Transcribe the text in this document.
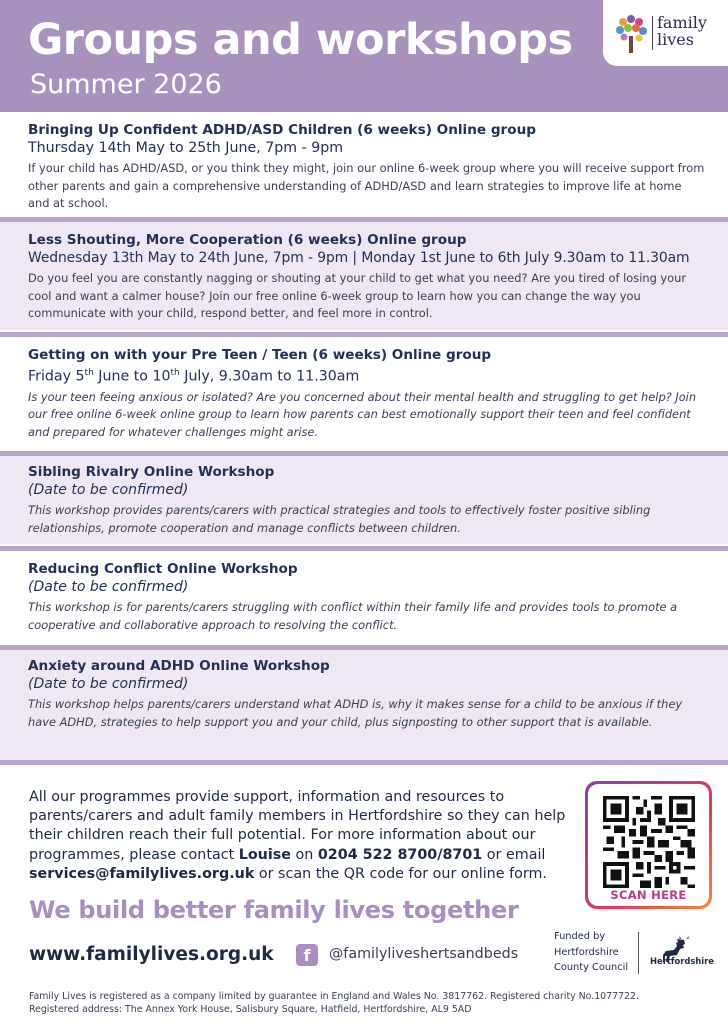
Groups and workshops
Summer 2026
family
lives
Bringing Up Confident ADHD/ASD Children (6 weeks) Online group
Thursday 14th May to 25th June, 7pm - 9pm
If your child has ADHD/ASD, or you think they might, join our online 6-week group where you will receive support from other parents and gain a comprehensive understanding of ADHD/ASD and learn strategies to improve life at home and at school.
Less Shouting, More Cooperation (6 weeks) Online group
Wednesday 13th May to 24th June, 7pm - 9pm | Monday 1st June to 6th July 9.30am to 11.30am
Do you feel you are constantly nagging or shouting at your child to get what you need? Are you tired of losing your cool and want a calmer house? Join our free online 6-week group to learn how you can change the way you communicate with your child, respond better, and feel more in control.
Getting on with your Pre Teen / Teen (6 weeks) Online group
Friday 5th June to 10th July, 9.30am to 11.30am
Is your teen feeing anxious or isolated? Are you concerned about their mental health and struggling to get help? Join our free online 6-week online group to learn how parents can best emotionally support their teen and feel confident and prepared for whatever challenges might arise.
Sibling Rivalry Online Workshop
(Date to be confirmed)
This workshop provides parents/carers with practical strategies and tools to effectively foster positive sibling relationships, promote cooperation and manage conflicts between children.
Reducing Conflict Online Workshop
(Date to be confirmed)
This workshop is for parents/carers struggling with conflict within their family life and provides tools to promote a cooperative and collaborative approach to resolving the conflict.
Anxiety around ADHD Online Workshop
(Date to be confirmed)
This workshop helps parents/carers understand what ADHD is, why it makes sense for a child to be anxious if they have ADHD, strategies to help support you and your child, plus signposting to other support that is available.
All our programmes provide support, information and resources to parents/carers and adult family members in Hertfordshire so they can help their children reach their full potential. For more information about our programmes, please contact Louise on 0204 522 8700/8701 or email services@familylives.org.uk or scan the QR code for our online form.
SCAN HERE
We build better family lives together
www.familylives.org.uk	f	@familyliveshertsandbeds
Funded by
Hertfordshire
County Council
Hertfordshire
Family Lives is registered as a company limited by guarantee in England and Wales No. 3817762. Registered charity No.1077722.
Registered address: The Annex York House, Salisbury Square, Hatfield, Hertfordshire, AL9 5AD
